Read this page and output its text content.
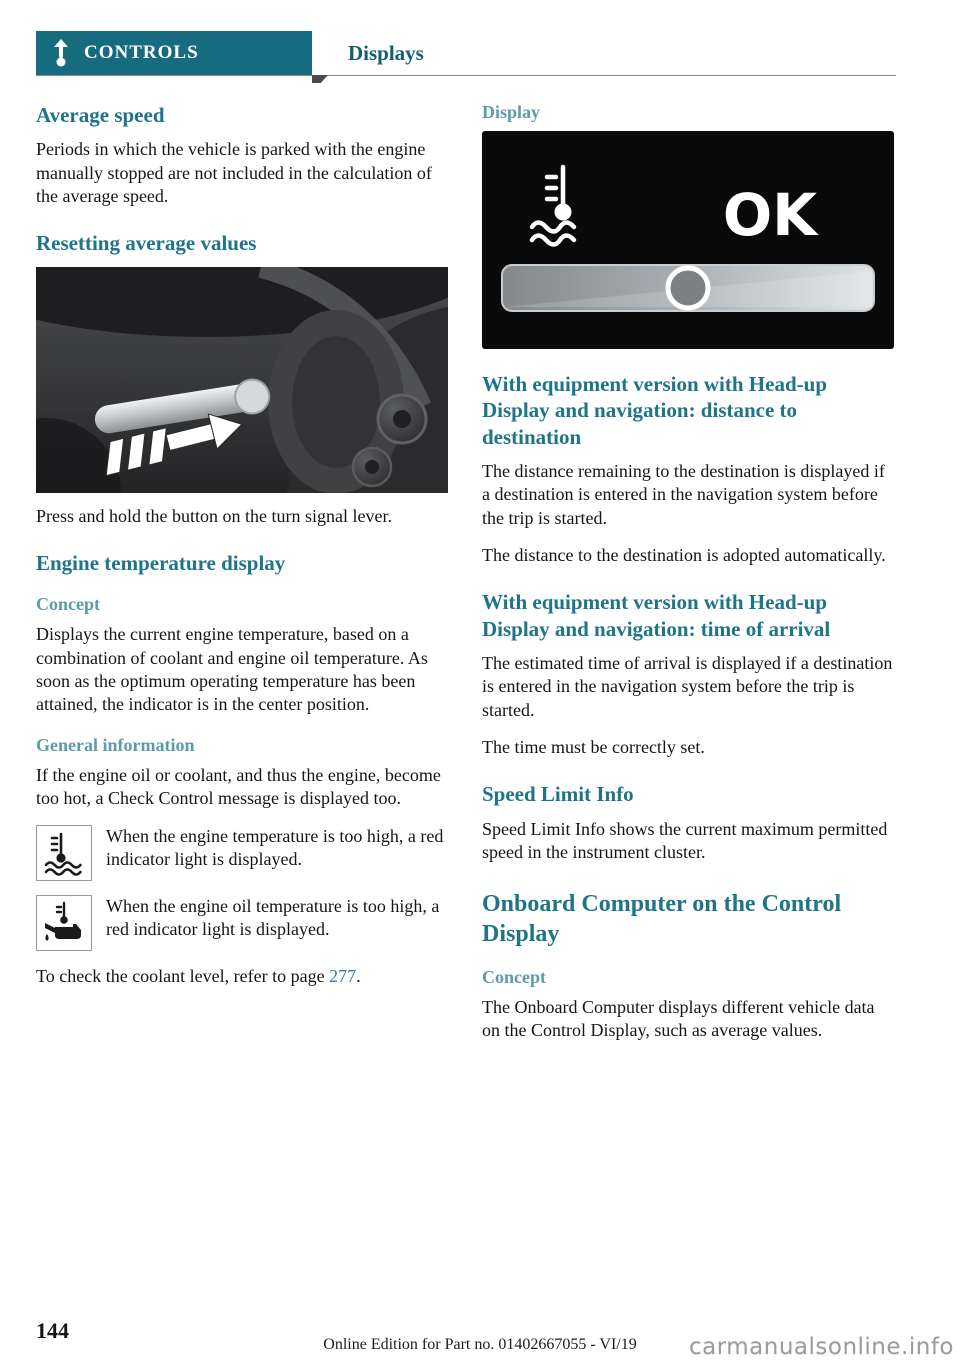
CONTROLS	Displays
Average speed

Periods in which the vehicle is parked with the engine manually stopped are not included in the calculation of the average speed.

Resetting average values

Press and hold the button on the turn signal lever.

Engine temperature display
Concept

Displays the current engine temperature, based on a combination of coolant and engine oil temperature. As soon as the optimum operating temperature has been attained, the indicator is in the center position.

General information

If the engine oil or coolant, and thus the engine, become too hot, a Check Control message is displayed too.

When the engine temperature is too high, a red indicator light is displayed.

When the engine oil temperature is too high, a red indicator light is displayed.

To check the coolant level, refer to page 277.

Display
OK
With equipment version with Head-up Display and navigation: distance to destination

The distance remaining to the destination is displayed if a destination is entered in the navigation system before the trip is started.

The distance to the destination is adopted automatically.

With equipment version with Head-up Display and navigation: time of arrival

The estimated time of arrival is displayed if a destination is entered in the navigation system before the trip is started.

The time must be correctly set.

Speed Limit Info

Speed Limit Info shows the current maximum permitted speed in the instrument cluster.

Onboard Computer on the Control Display
Concept

The Onboard Computer displays different vehicle data on the Control Display, such as average values.

144
Online Edition for Part no. 01402667055 - VI/19	carmanualsonline.info
